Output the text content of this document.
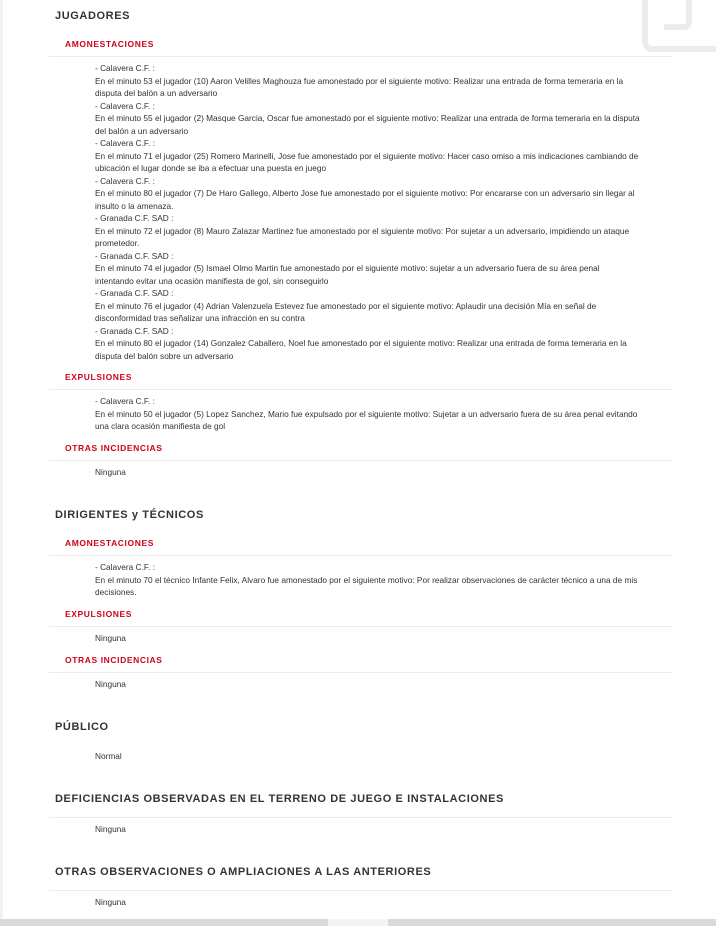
JUGADORES
AMONESTACIONES
- Calavera C.F. :
En el minuto 53 el jugador (10) Aaron Velilles Maghouza fue amonestado por el siguiente motivo: Realizar una entrada de forma temeraria en la disputa del balón a un adversario
- Calavera C.F. :
En el minuto 55 el jugador (2) Masque Garcia, Oscar fue amonestado por el siguiente motivo: Realizar una entrada de forma temeraria en la disputa del balón a un adversario
- Calavera C.F. :
En el minuto 71 el jugador (25) Romero Marinelli, Jose fue amonestado por el siguiente motivo: Hacer caso omiso a mis indicaciones cambiando de ubicación el lugar donde se iba a efectuar una puesta en juego
- Calavera C.F. :
En el minuto 80 el jugador (7) De Haro Gallego, Alberto Jose fue amonestado por el siguiente motivo: Por encararse con un adversario sin llegar al insulto o la amenaza.
- Granada C.F. SAD :
En el minuto 72 el jugador (8) Mauro Zalazar Martinez fue amonestado por el siguiente motivo: Por sujetar a un adversario, impidiendo un ataque prometedor.
- Granada C.F. SAD :
En el minuto 74 el jugador (5) Ismael Olmo Martin fue amonestado por el siguiente motivo: sujetar a un adversario fuera de su área penal intentando evitar una ocasión manifiesta de gol, sin conseguirlo
- Granada C.F. SAD :
En el minuto 76 el jugador (4) Adrian Valenzuela Estevez fue amonestado por el siguiente motivo: Aplaudir una decisión Mía en señal de disconformidad tras señalizar una infracción en su contra
- Granada C.F. SAD :
En el minuto 80 el jugador (14) Gonzalez Caballero, Noel fue amonestado por el siguiente motivo: Realizar una entrada de forma temeraria en la disputa del balón sobre un adversario
EXPULSIONES
- Calavera C.F. :
En el minuto 50 el jugador (5) Lopez Sanchez, Mario fue expulsado por el siguiente motivo: Sujetar a un adversario fuera de su área penal evitando una clara ocasión manifiesta de gol
OTRAS INCIDENCIAS
Ninguna
DIRIGENTES y TÉCNICOS
AMONESTACIONES
- Calavera C.F. :
En el minuto 70 el técnico Infante Felix, Alvaro fue amonestado por el siguiente motivo: Por realizar observaciones de carácter técnico a una de mis decisiones.
EXPULSIONES
Ninguna
OTRAS INCIDENCIAS
Ninguna
PÚBLICO
Normal
DEFICIENCIAS OBSERVADAS EN EL TERRENO DE JUEGO E INSTALACIONES
Ninguna
OTRAS OBSERVACIONES O AMPLIACIONES A LAS ANTERIORES
Ninguna
